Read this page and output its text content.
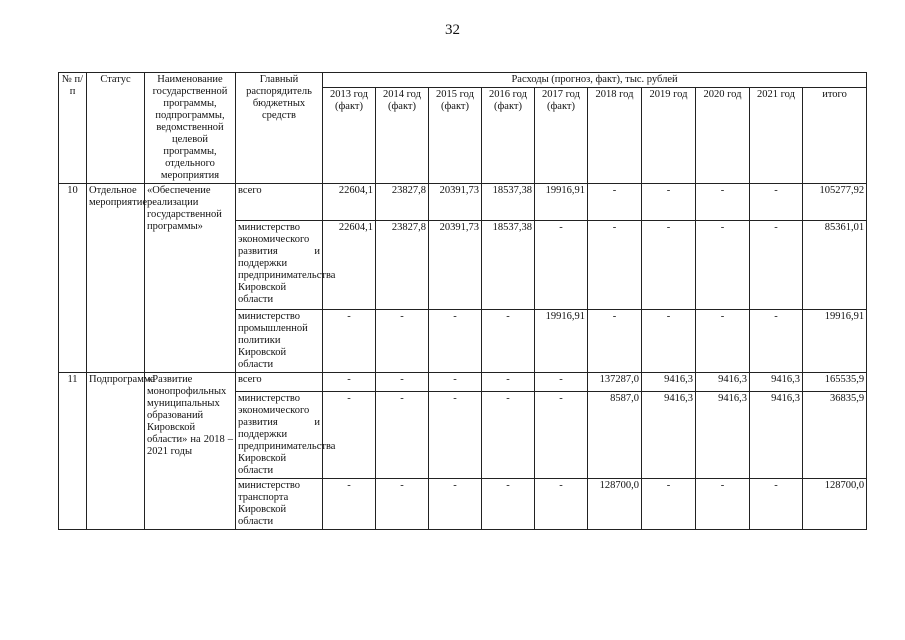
32
№ п/п	Статус	Наименование государственной программы, подпрограммы, ведомственной целевой программы, отдельного мероприятия	Главный распорядитель бюджетных средств	Расходы (прогноз, факт), тыс. рублей									
				2013 год (факт)	2014 год (факт)	2015 год (факт)	2016 год (факт)	2017 год (факт)	2018 год	2019 год	2020 год	2021 год	итого
10	Отдельное мероприятие	«Обеспечение реализации государственной программы»	всего	22604,1	23827,8	20391,73	18537,38	19916,91	-	-	-	-	105277,92
			министерство экономического развития и поддержки предпринимательства Кировской области	22604,1	23827,8	20391,73	18537,38	-	-	-	-	-	85361,01
			министерство промышленной политики Кировской области	-	-	-	-	19916,91	-	-	-	-	19916,91
11	Подпрограмма	«Развитие монопрофильных муниципальных образований Кировской области» на 2018 – 2021 годы	всего	-	-	-	-	-	137287,0	9416,3	9416,3	9416,3	165535,9
			министерство экономического развития и поддержки предпринимательства Кировской области	-	-	-	-	-	8587,0	9416,3	9416,3	9416,3	36835,9
			министерство транспорта Кировской области	-	-	-	-	-	128700,0	-	-	-	128700,0
